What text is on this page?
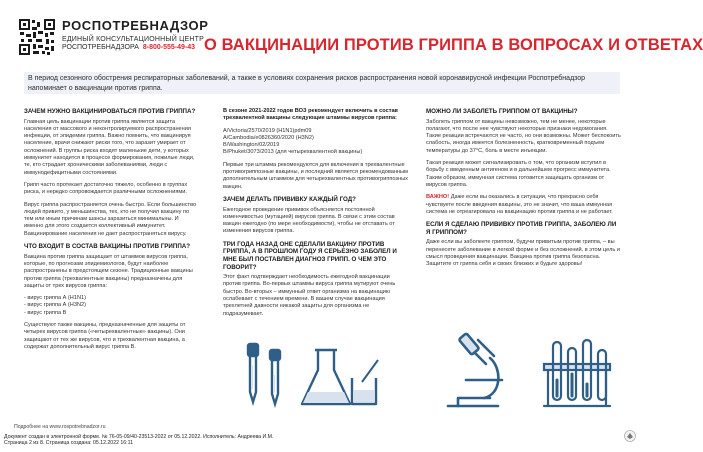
РОСПОТРЕБНАДЗОР
ЕДИНЫЙ КОНСУЛЬТАЦИОННЫЙ ЦЕНТР
РОСПОТРЕБНАДЗОРА 8-800-555-49-43 О ВАКЦИНАЦИИ ПРОТИВ ГРИППА В ВОПРОСАХ И ОТВЕТАХ
В период сезонного обострения респираторных заболеваний, а также в условиях сохранения рисков распространения новой коронавирусной инфекции Роспотребнадзор напоминает о вакцинации против гриппа.
ЗАЧЕМ НУЖНО ВАКЦИНИРОВАТЬСЯ ПРОТИВ ГРИППА?

Главная цель вакцинации против гриппа является защита населения от массового и неконтролируемого распространения инфекции, от эпидемии гриппа. Важно помнить, что вакцинируя население, врачи снижают риски того, что заразит умирает от осложнений. В группы риска входят маленькие дети, у которых иммунитет находится в процессе формирования, пожилые люди, те, кто страдает хроническими заболеваниями, люди с иммунодефицитными состояниями.

Грипп часто протекает достаточно тяжело, особенно в группах риска, и нередко сопровождается различными осложнениями.

Вирус гриппа распространяется очень быстро. Если большинство людей привито, у меньшинства, тех, кто не получил вакцину по тем или иным причинам шансы заразиться минимальны. И именно для этого создается коллективный иммунитет. Вакцинирование населения не дает распространяться вирусу.

ЧТО ВХОДИТ В СОСТАВ ВАКЦИНЫ ПРОТИВ ГРИППА?

Вакцина против гриппа защищает от штаммов вирусов гриппа, которые, по прогнозам эпидемиологов, будут наиболее распространены в предстоящем сезоне. Традиционные вакцины против гриппа (трехвалентные вакцины) предназначены для защиты от трех вирусов гриппа:

- вирус гриппа А (H1N1)
- вирус гриппа А (H3N2)
- вирус гриппа В

Существуют также вакцины, предназначенные для защиты от четырех вирусов гриппа («четырехвалентные» вакцины). Они защищают от тех же вирусов, что и трехвалентная вакцина, а содержат дополнительный вирус гриппа В.

В сезоне 2021-2022 годов ВОЗ рекомендует включить в состав трехвалентной вакцины следующие штаммы вирусов гриппа:

A/Victoria/2570/2019 (H1N1)pdm09
A/Cambodia/e0826360/2020 (H3N2)
B/Washington/02/2019
B/Phuket/3073/2013 (для четырехвалентной вакцины)

Первые три штамма рекомендуются для включения в трехвалентные противогриппозные вакцины, и последний является рекомендованным дополнительным штаммом для четырехвалентных противогриппозных вакцин.

ЗАЧЕМ ДЕЛАТЬ ПРИВИВКУ КАЖДЫЙ ГОД?

Ежегодное проведение прививок объясняется постоянной изменчивостью (мутацией) вирусов гриппа. В связи с этим состав вакцин ежегодно (по мере необходимости), чтобы не отставать от изменения вирусов гриппа.

ТРИ ГОДА НАЗАД ОНЕ СДЕЛАЛИ ВАКЦИНУ ПРОТИВ ГРИППА, А В ПРОШЛОМ ГОДУ Я СЕРЬЕЗНО ЗАБОЛЕЛ И МНЕ БЫЛ ПОСТАВЛЕН ДИАГНОЗ ГРИПП. О ЧЕМ ЭТО ГОВОРИТ?

Этот факт подтверждает необходимость ежегодной вакцинации против гриппа. Во-первых штаммы вируса гриппа мутируют очень быстро. Во-вторых – иммунный ответ организма на вакцинацию ослабевает с течением времени. В вашем случае вакцинация трехлетней давности никакой защиты для организма не подразумевает.

МОЖНО ЛИ ЗАБОЛЕТЬ ГРИППОМ ОТ ВАКЦИНЫ?

Заболеть гриппом от вакцины невозможно, тем не менее, некоторые полагают, что после нее чувствуют некоторые признаки недомогания. Такие реакции встречаются не часто, но они возможны. Может беспокоить слабость, иногда имеется болезненность, кратковременный подъем температуры до 37°C, боль в месте инъекции.

Такая реакция может сигнализировать о том, что организм вступил в борьбу с введенным антигеном и в дальнейшем прогресс иммунитета. Таким образом, иммунная система готовится защищать организм от вирусов гриппа.

ВАЖНО! Даже если вы оказались в ситуации, что прекрасно себя чувствуете после введения вакцины, это не значит, что ваша иммунная система не отреагировала на вакцинацию против гриппа и не работает.

ЕСЛИ Я СДЕЛАЮ ПРИВИВКУ ПРОТИВ ГРИППА, ЗАБОЛЕЮ ЛИ Я ГРИППОМ?

Даже если вы заболеете гриппом, будучи привитым против гриппа, – вы перенесете заболевание в легкой форме и без осложнений, в этом цель и смысл проведения вакцинации. Вакцина против гриппа безопасна. Защитите от гриппа себя и своих близких и будьте здоровы!

Подробнее на www.rospotrebnadzor.ru
Документ создан в электронной форме. № 76-05-09/40-23513-2022 от 05.12.2022. Исполнитель: Андреева И.М.
Страница 2 из 8. Страница создана: 05.12.2022 16:11
